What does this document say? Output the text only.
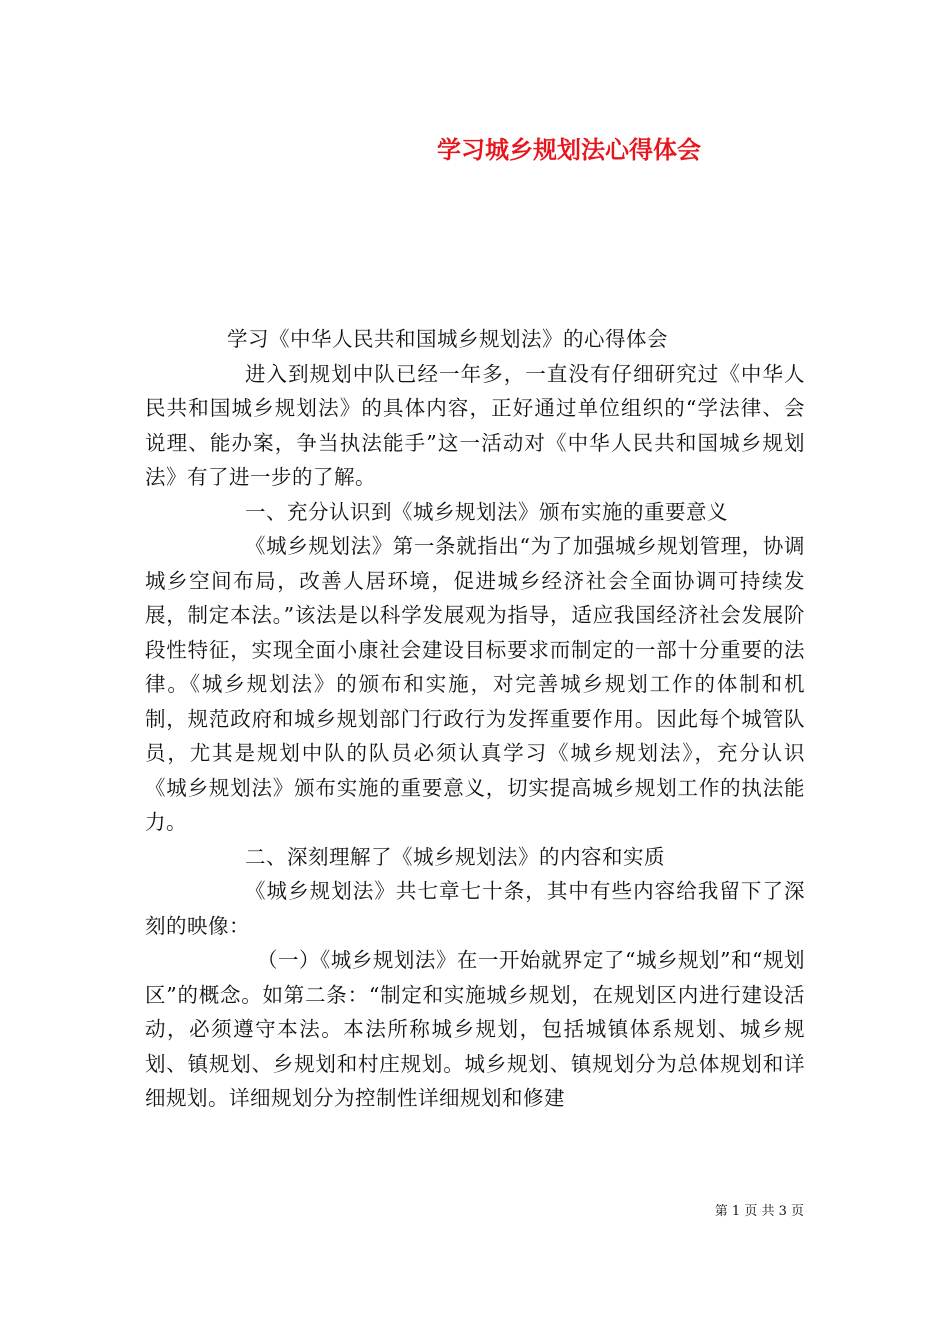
学习城乡规划法心得体会

学习《中华人民共和国城乡规划法》的心得体会

进入到规划中队已经一年多，一直没有仔细研究过《中华人民共和国城乡规划法》的具体内容，正好通过单位组织的“学法律、会说理、能办案，争当执法能手”这一活动对《中华人民共和国城乡规划法》有了进一步的了解。

一、充分认识到《城乡规划法》颁布实施的重要意义

《城乡规划法》第一条就指出“为了加强城乡规划管理，协调城乡空间布局，改善人居环境，促进城乡经济社会全面协调可持续发展，制定本法。”该法是以科学发展观为指导，适应我国经济社会发展阶段性特征，实现全面小康社会建设目标要求而制定的一部十分重要的法律。《城乡规划法》的颁布和实施，对完善城乡规划工作的体制和机制，规范政府和城乡规划部门行政行为发挥重要作用。因此每个城管队员，尤其是规划中队的队员必须认真学习《城乡规划法》，充分认识《城乡规划法》颁布实施的重要意义，切实提高城乡规划工作的执法能力。

二、深刻理解了《城乡规划法》的内容和实质

《城乡规划法》共七章七十条，其中有些内容给我留下了深刻的映像：

（一）《城乡规划法》在一开始就界定了“城乡规划”和“规划区”的概念。如第二条：“制定和实施城乡规划，在规划区内进行建设活动，必须遵守本法。本法所称城乡规划，包括城镇体系规划、城乡规划、镇规划、乡规划和村庄规划。城乡规划、镇规划分为总体规划和详细规划。详细规划分为控制性详细规划和修建

第 1 页 共 3 页
